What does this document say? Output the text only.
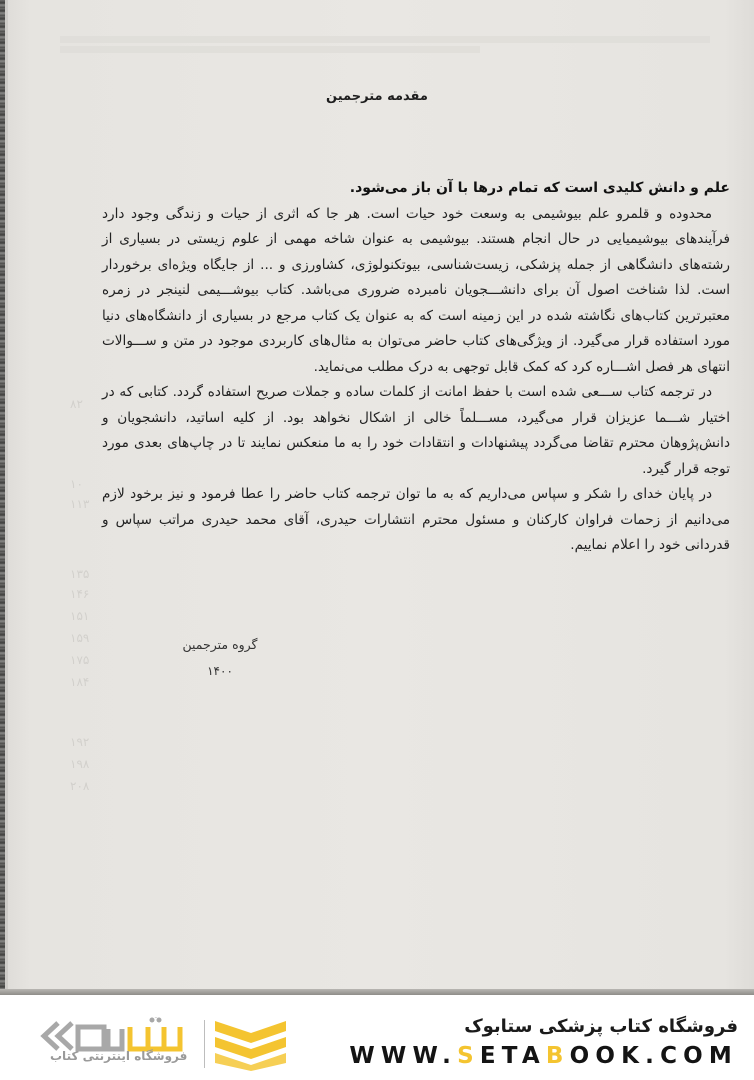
۸۲
۱۰
۱۱۳
۱۳۵
۱۴۶
۱۵۱
۱۵۹
۱۷۵
۱۸۴
۱۹۲
۱۹۸
۲۰۸
مقدمه مترجمین

علم و دانش کلیدی است که تمام درها با آن باز می‌شود.

محدوده و قلمرو علم بیوشیمی به وسعت خود حیات است. هر جا که اثری از حیات و زندگی وجود دارد فرآیندهای بیوشیمیایی در حال انجام هستند. بیوشیمی به عنوان شاخه مهمی از علوم زیستی در بسیاری از رشته‌های دانشگاهی از جمله پزشکی، زیست‌شناسی، بیوتکنولوژی، کشاورزی و ... از جایگاه ویژه‌ای برخوردار است. لذا شناخت اصول آن برای دانشـــجویان نامبرده ضروری می‌باشد. کتاب بیوشـــیمی لنینجر در زمره معتبرترین کتاب‌های نگاشته شده در این زمینه است که به عنوان یک کتاب مرجع در بسیاری از دانشگاه‌های دنیا مورد استفاده قرار می‌گیرد. از ویژگی‌های کتاب حاضر می‌توان به مثال‌های کاربردی موجود در متن و ســـوالات انتهای هر فصل اشـــاره کرد که کمک قابل توجهی به درک مطلب می‌نماید.

در ترجمه کتاب ســـعی شده است با حفظ امانت از کلمات ساده و جملات صریح استفاده گردد. کتابی که در اختیار شـــما عزیزان قرار می‌گیرد، مســـلماً خالی از اشکال نخواهد بود. از کلیه اساتید، دانشجویان و دانش‌پژوهان محترم تقاضا می‌گردد پیشنهادات و انتقادات خود را به ما منعکس نمایند تا در چاپ‌های بعدی مورد توجه قرار گیرد.

در پایان خدای را شکر و سپاس می‌داریم که به ما توان ترجمه کتاب حاضر را عطا فرمود و نیز برخود لازم می‌دانیم از زحمات فراوان کارکنان و مسئول محترم انتشارات حیدری، آقای محمد حیدری مراتب سپاس و قدردانی خود را اعلام نماییم.

گروه مترجمین
۱۴۰۰
فروشگاه اینترنتی کتاب
فروشگاه کتاب پزشکی ستابوک
WWW.SETABOOK.COM
